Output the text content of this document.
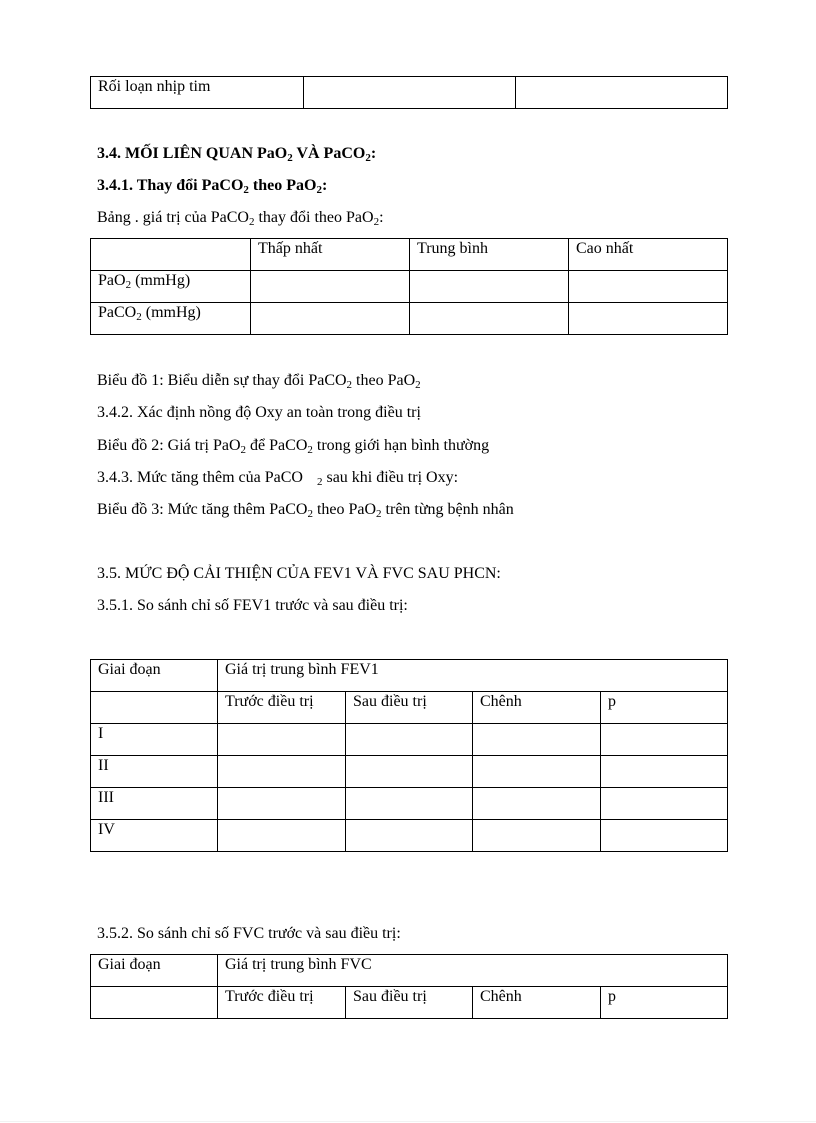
Rối loạn nhịp tim		
3.4. MỐI LIÊN QUAN PaO$_2$ VÀ PaCO$_2$:
3.4.1. Thay đổi PaCO$_2$ theo PaO$_2$:
Bảng . giá trị của PaCO$_2$ thay đổi theo PaO$_2$:
	Thấp nhất	Trung bình	Cao nhất
PaO$_2$ (mmHg)			
PaCO$_2$ (mmHg)			
Biểu đồ 1: Biểu diễn sự thay đổi PaCO$_2$ theo PaO$_2$
3.4.2. Xác định nồng độ Oxy an toàn trong điều trị
Biểu đồ 2: Giá trị PaO$_2$ để PaCO$_2$ trong giới hạn bình thường
3.4.3. Mức tăng thêm của PaCO $_2$ sau khi điều trị Oxy:
Biểu đồ 3: Mức tăng thêm PaCO$_2$ theo PaO$_2$ trên từng bệnh nhân
3.5. MỨC ĐỘ CẢI THIỆN CỦA FEV1 VÀ FVC SAU PHCN:
3.5.1. So sánh chỉ số FEV1 trước và sau điều trị:
Giai đoạn	Giá trị trung bình FEV1			
	Trước điều trị	Sau điều trị	Chênh	p
I				
II				
III				
IV				
3.5.2. So sánh chỉ số FVC trước và sau điều trị:
Giai đoạn	Giá trị trung bình FVC			
	Trước điều trị	Sau điều trị	Chênh	p
